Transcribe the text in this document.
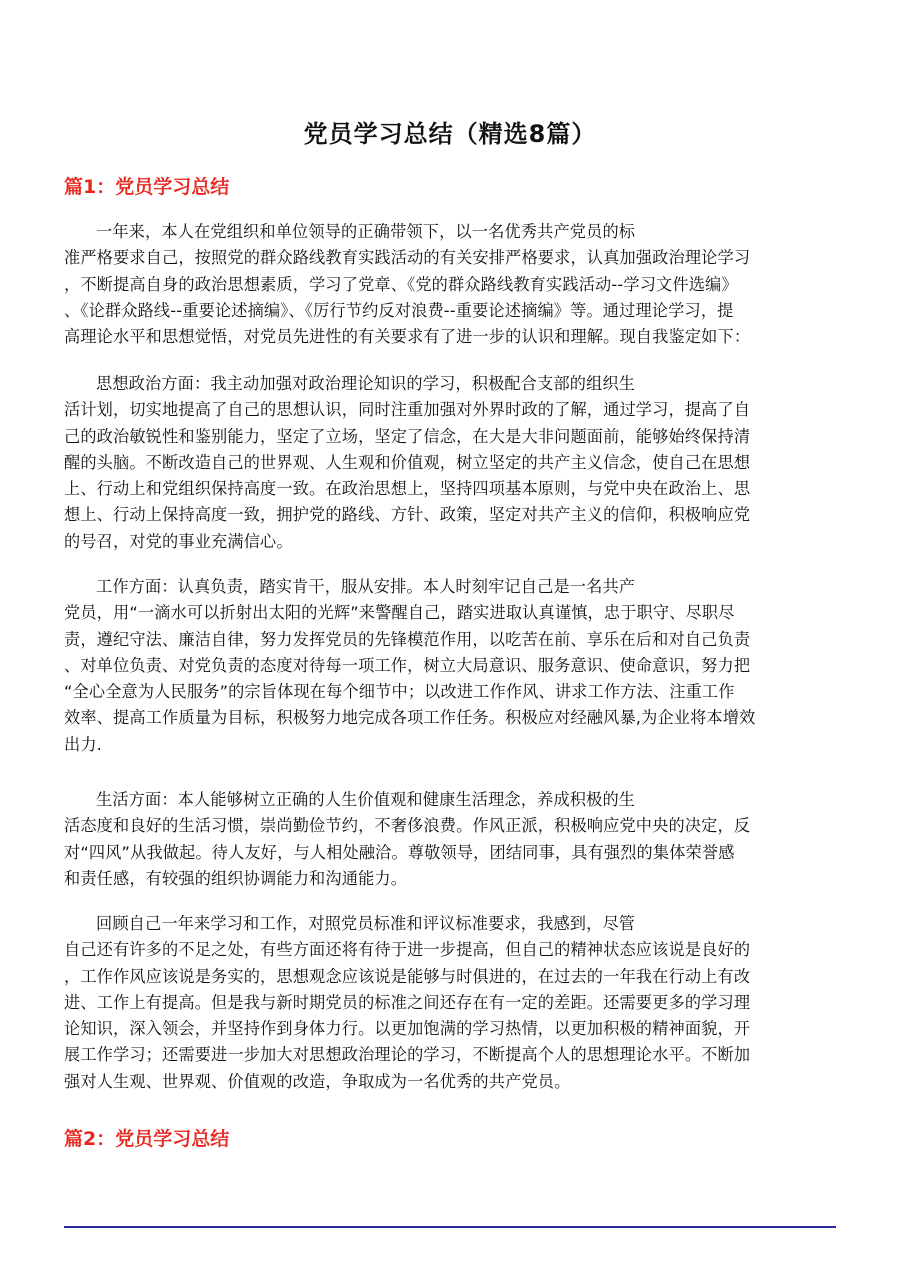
党员学习总结（精选8篇）
篇1：党员学习总结
一年来，本人在党组织和单位领导的正确带领下，以一名优秀共产党员的标
准严格要求自己，按照党的群众路线教育实践活动的有关安排严格要求，认真加强政治理论学习
，不断提高自身的政治思想素质，学习了党章、《党的群众路线教育实践活动--学习文件选编》
、《论群众路线--重要论述摘编》、《厉行节约反对浪费--重要论述摘编》等。通过理论学习，提
高理论水平和思想觉悟，对党员先进性的有关要求有了进一步的认识和理解。现自我鉴定如下：
思想政治方面：我主动加强对政治理论知识的学习，积极配合支部的组织生
活计划，切实地提高了自己的思想认识，同时注重加强对外界时政的了解，通过学习，提高了自
己的政治敏锐性和鉴别能力，坚定了立场，坚定了信念，在大是大非问题面前，能够始终保持清
醒的头脑。不断改造自己的世界观、人生观和价值观，树立坚定的共产主义信念，使自己在思想
上、行动上和党组织保持高度一致。在政治思想上，坚持四项基本原则，与党中央在政治上、思
想上、行动上保持高度一致，拥护党的路线、方针、政策，坚定对共产主义的信仰，积极响应党
的号召，对党的事业充满信心。
工作方面：认真负责，踏实肯干，服从安排。本人时刻牢记自己是一名共产
党员，用“一滴水可以折射出太阳的光辉”来警醒自己，踏实进取认真谨慎，忠于职守、尽职尽
责，遵纪守法、廉洁自律，努力发挥党员的先锋模范作用，以吃苦在前、享乐在后和对自己负责
、对单位负责、对党负责的态度对待每一项工作，树立大局意识、服务意识、使命意识，努力把
“全心全意为人民服务”的宗旨体现在每个细节中；以改进工作作风、讲求工作方法、注重工作
效率、提高工作质量为目标，积极努力地完成各项工作任务。积极应对经融风暴,为企业将本增效
出力.
生活方面：本人能够树立正确的人生价值观和健康生活理念，养成积极的生
活态度和良好的生活习惯，崇尚勤俭节约，不奢侈浪费。作风正派，积极响应党中央的决定，反
对“四风”从我做起。待人友好，与人相处融洽。尊敬领导，团结同事，具有强烈的集体荣誉感
和责任感，有较强的组织协调能力和沟通能力。
回顾自己一年来学习和工作，对照党员标准和评议标准要求，我感到，尽管
自己还有许多的不足之处，有些方面还将有待于进一步提高，但自己的精神状态应该说是良好的
，工作作风应该说是务实的，思想观念应该说是能够与时俱进的，在过去的一年我在行动上有改
进、工作上有提高。但是我与新时期党员的标准之间还存在有一定的差距。还需要更多的学习理
论知识，深入领会，并坚持作到身体力行。以更加饱满的学习热情，以更加积极的精神面貌，开
展工作学习；还需要进一步加大对思想政治理论的学习，不断提高个人的思想理论水平。不断加
强对人生观、世界观、价值观的改造，争取成为一名优秀的共产党员。
篇2：党员学习总结
